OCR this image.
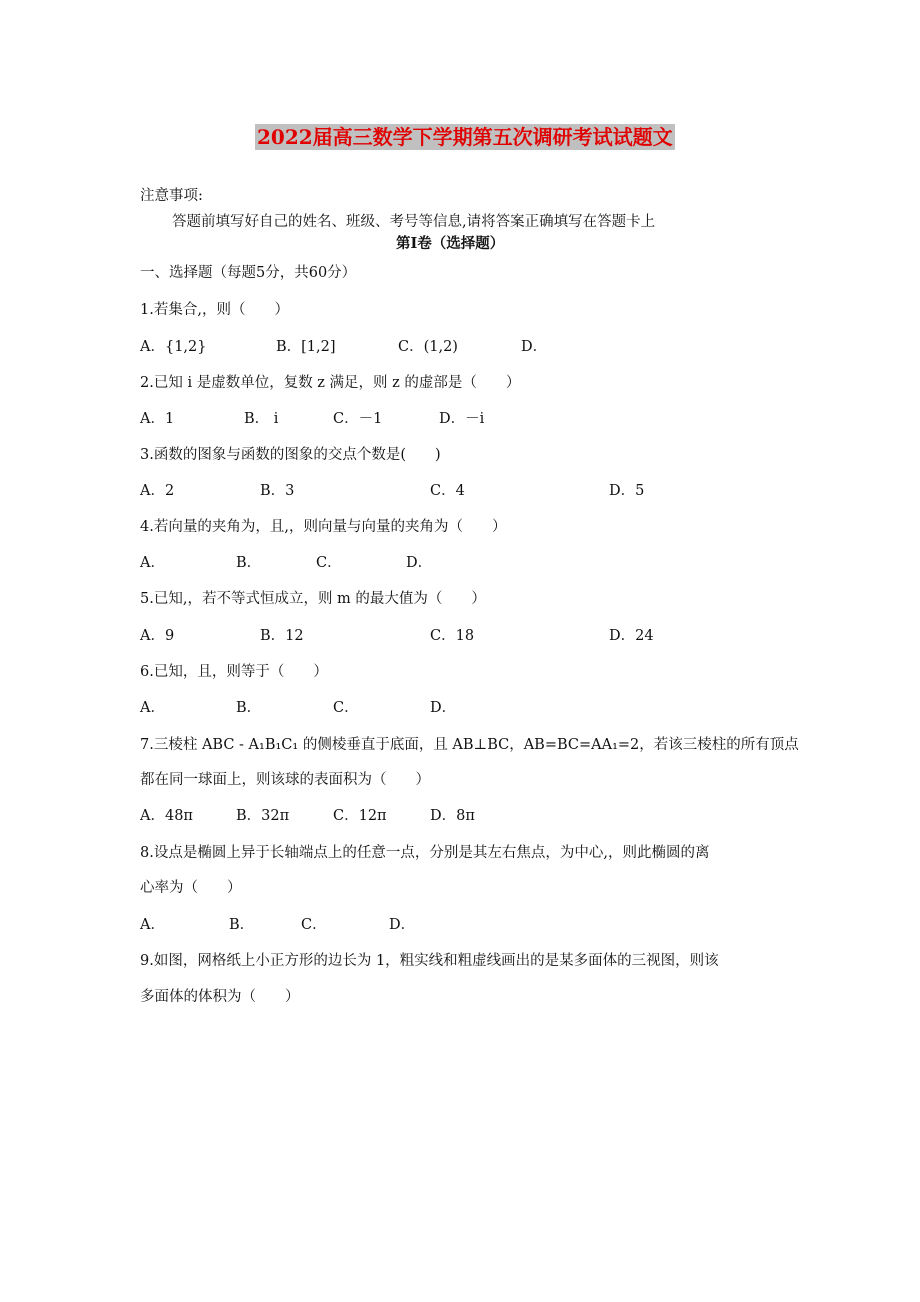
2022届高三数学下学期第五次调研考试试题文
注意事项:
答题前填写好自己的姓名、班级、考号等信息,请将答案正确填写在答题卡上
第Ⅰ卷（选择题）
一、选择题（每题5分，共60分）
1.若集合,，则（　　）
A．{1,2}	B．[1,2]	C．(1,2)	D．
2.已知 i 是虚数单位，复数 z 满足，则 z 的虚部是（　　）
A．1	B． i	C．－1	D．－i
3.函数的图象与函数的图象的交点个数是(　　)
A．2	B．3	C．4	D．5
4.若向量的夹角为，且,，则向量与向量的夹角为（　　）
A．	B．	C．	D．
5.已知,，若不等式恒成立，则 m 的最大值为（　　）
A．9	B．12	C．18	D．24
6.已知，且，则等于（　　）
A．	B．	C．	D．
7.三棱柱 ABC - A₁B₁C₁ 的侧棱垂直于底面，且 AB⊥BC，AB=BC=AA₁=2，若该三棱柱的所有顶点
都在同一球面上，则该球的表面积为（　　）
A．48π	B．32π	C．12π	D．8π
8.设点是椭圆上异于长轴端点上的任意一点，分别是其左右焦点，为中心,，则此椭圆的离
心率为（　　）
A．	B．	C．	D．
9.如图，网格纸上小正方形的边长为 1，粗实线和粗虚线画出的是某多面体的三视图，则该
多面体的体积为（　　）
